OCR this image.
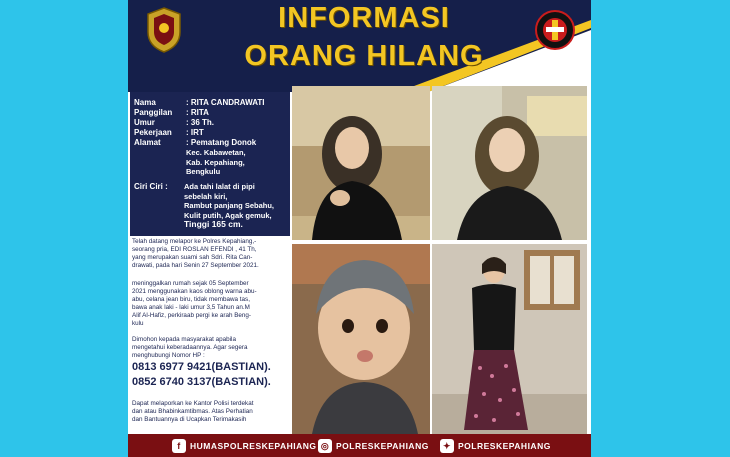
INFORMASI
ORANG HILANG
Nama	: RITA CANDRAWATI
Panggilan : RITA
Umur	: 36 Th.
Pekerjaan : IRT
Alamat	: Pematang Donok
Kec. Kabawetan,
Kab. Kepahiang,
Bengkulu
Ciri Ciri : Ada tahi lalat di pipi
sebelah kiri,
Rambut panjang Sebahu,
Kulit putih, Agak gemuk,
Tinggi 165 cm.
Telah datang melapor ke Polres Kepahiang,-
seorang pria, EDI ROSLAN EFENDI , 41 Th,
yang merupakan suami sah Sdri. Rita Can-
drawati, pada hari Senin 27 September 2021.
meninggalkan rumah sejak 05 September
2021 menggunakan kaos oblong warna abu-
abu, celana jean biru, tidak membawa tas,
bawa anak laki - laki umur 3,5 Tahun an.M
Alif Al-Hafiz, perkiraab pergi ke arah Beng-
kulu
Dimohon kepada masyarakat apabila
mengetahui keberadaannya. Agar segera
menghubungi Nomor HP :
0813 6977 9421(BASTIAN).
0852 6740 3137(BASTIAN).
Dapat melaporkan ke Kantor Polisi terdekat
dan atau Bhabinkamtibmas. Atas Perhatian
dan Bantuannya di Ucapkan Terimakasih
f	HUMASPOLRESKEPAHIANG ◎ POLRESKEPAHIANG	✦ POLRESKEPAHIANG
